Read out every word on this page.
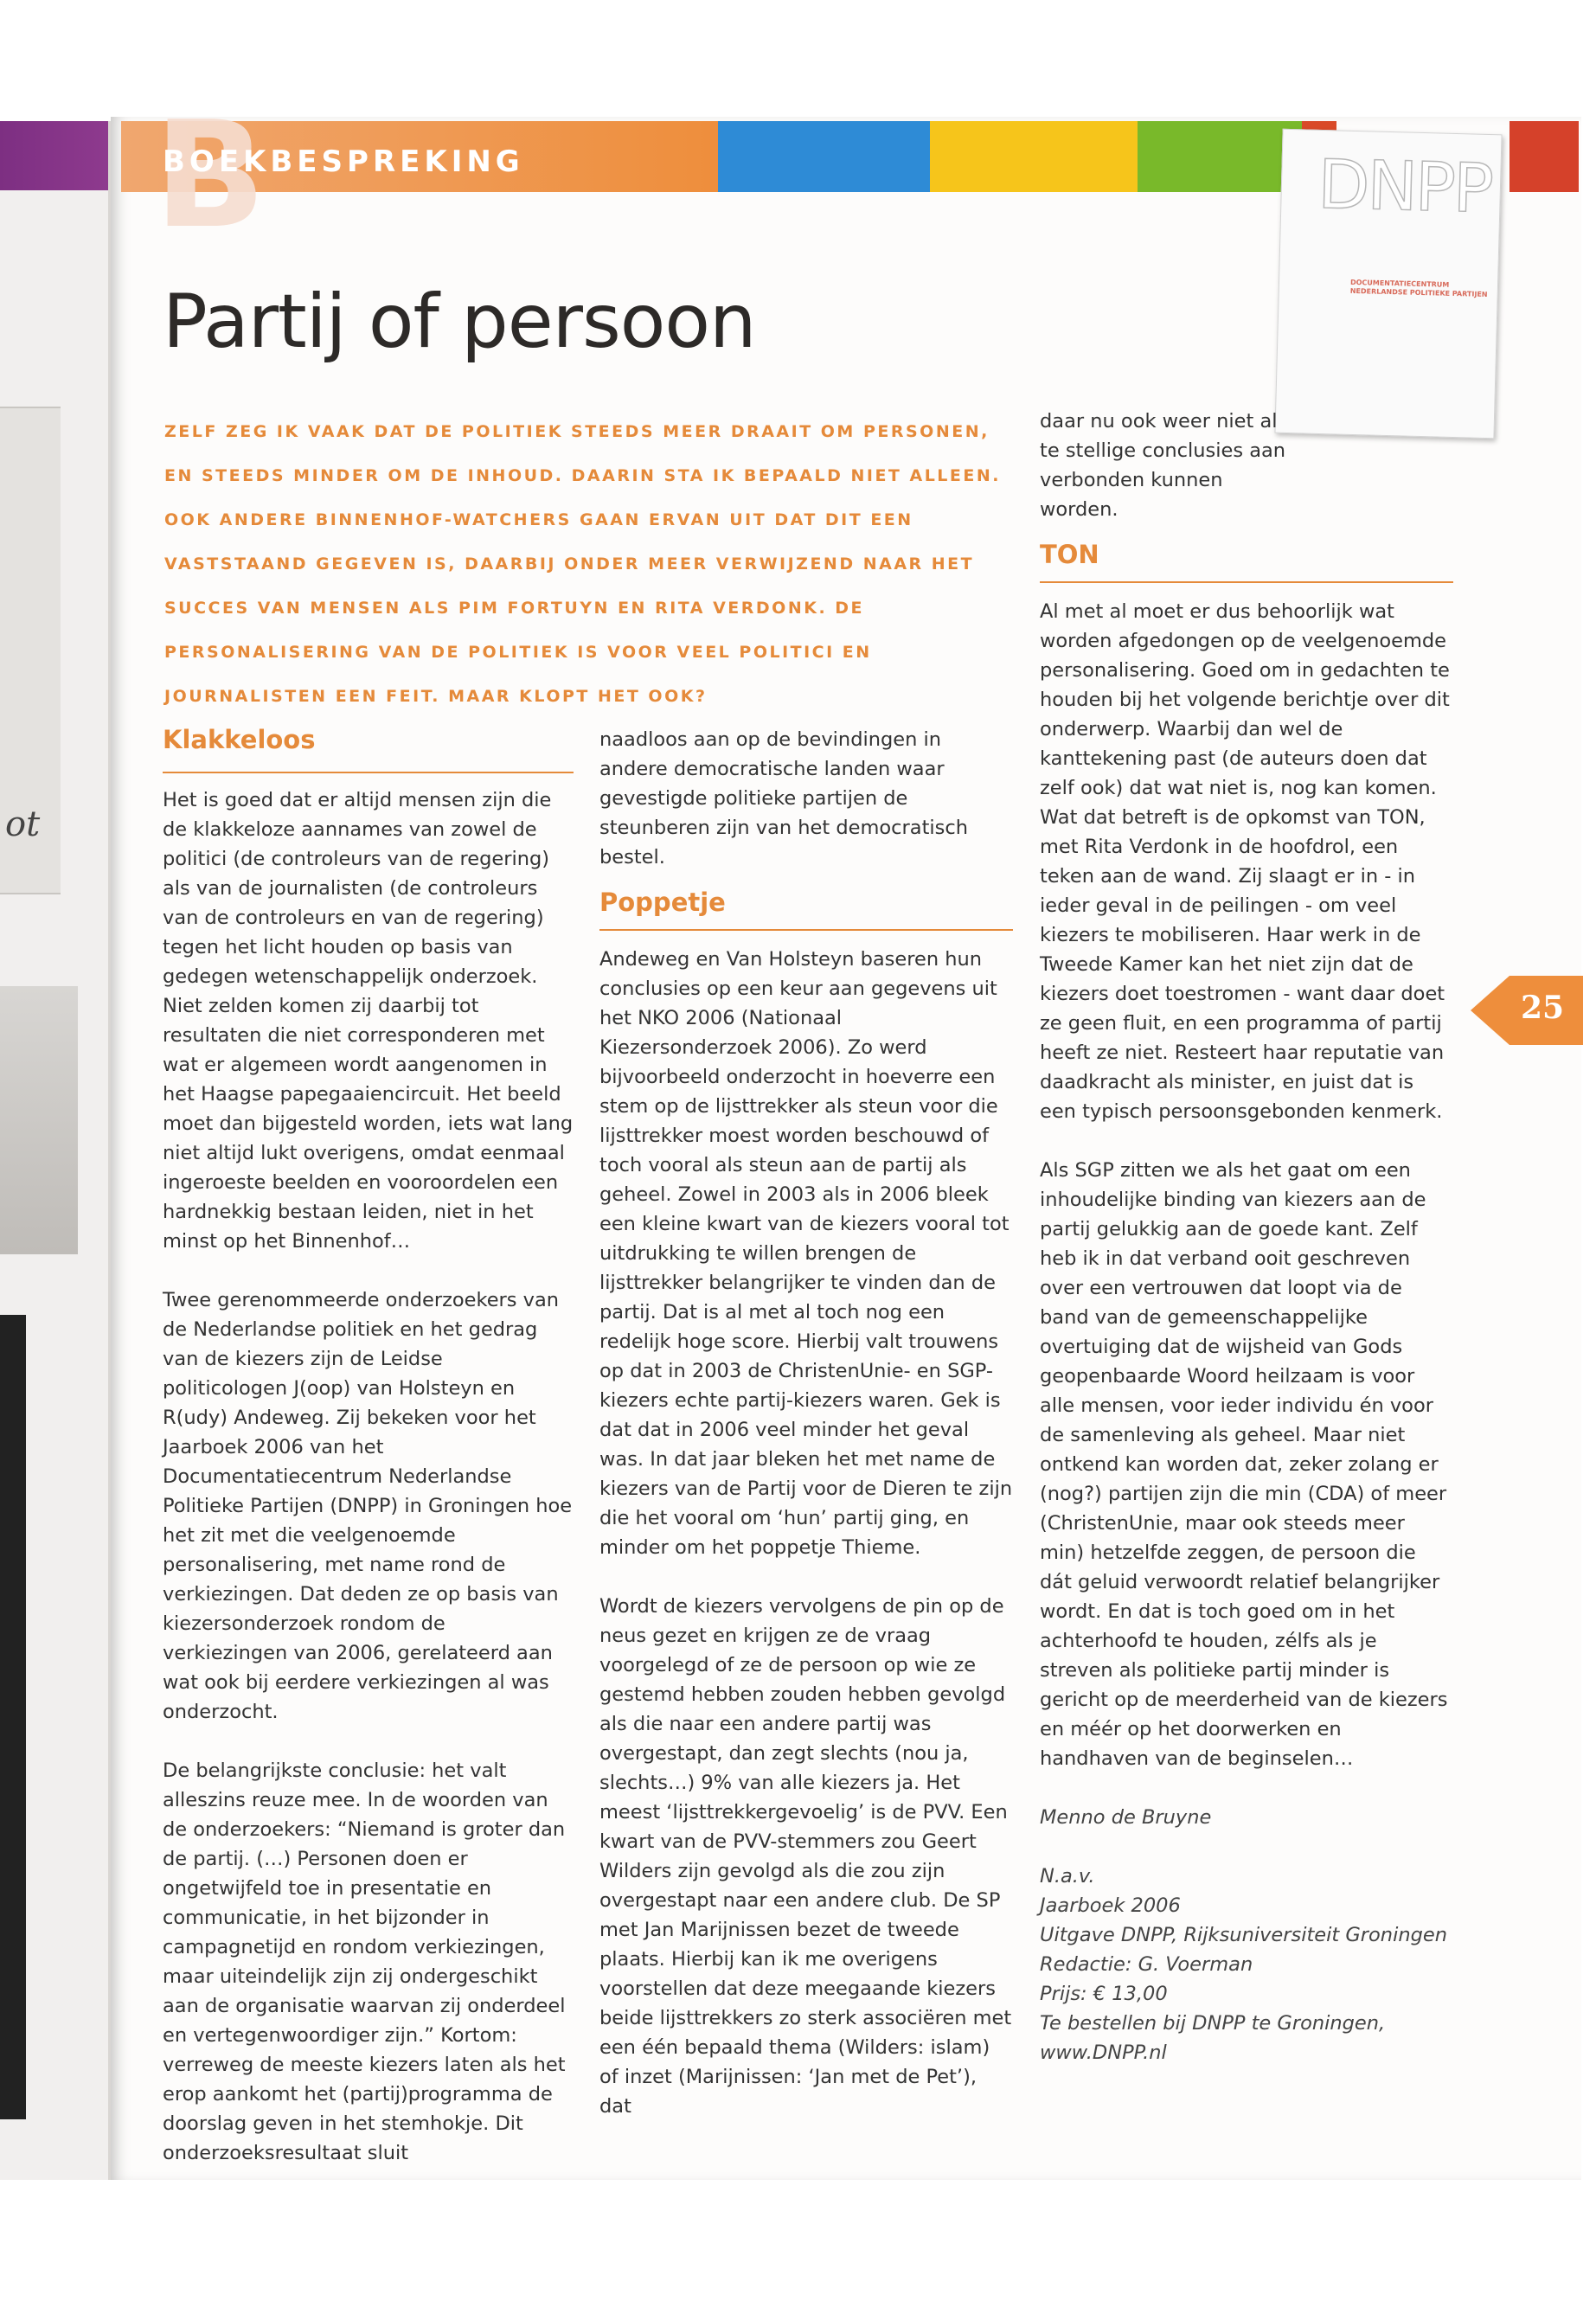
ot
B
BOEKBESPREKING	DNPP
DOCUMENTATIECENTRUM NEDERLANDSE POLITIEKE PARTIJEN
Partij of persoon
ZELF ZEG IK VAAK DAT DE POLITIEK STEEDS MEER DRAAIT OM PERSONEN, EN STEEDS MINDER OM DE INHOUD. DAARIN STA IK BEPAALD NIET ALLEEN. OOK ANDERE BINNENHOF-WATCHERS GAAN ERVAN UIT DAT DIT EEN VASTSTAAND GEGEVEN IS, DAARBIJ ONDER MEER VERWIJZEND NAAR HET SUCCES VAN MENSEN ALS PIM FORTUYN EN RITA VERDONK. DE PERSONALISERING VAN DE POLITIEK IS VOOR VEEL POLITICI EN JOURNALISTEN EEN FEIT. MAAR KLOPT HET OOK?
Klakkeloos

Het is goed dat er altijd mensen zijn die de klakkeloze aannames van zowel de politici (de controleurs van de regering) als van de journalisten (de controleurs van de controleurs en van de regering) tegen het licht houden op basis van gedegen wetenschappelijk onderzoek. Niet zelden komen zij daarbij tot resultaten die niet corresponderen met wat er algemeen wordt aangenomen in het Haagse papegaaiencircuit. Het beeld moet dan bijgesteld worden, iets wat lang niet altijd lukt overigens, omdat eenmaal ingeroeste beelden en vooroordelen een hardnekkig bestaan leiden, niet in het minst op het Binnenhof…

Twee gerenommeerde onderzoekers van de Nederlandse politiek en het gedrag van de kiezers zijn de Leidse politicologen J(oop) van Holsteyn en R(udy) Andeweg. Zij bekeken voor het Jaarboek 2006 van het Documentatiecentrum Nederlandse Politieke Partijen (DNPP) in Groningen hoe het zit met die veelgenoemde personalisering, met name rond de verkiezingen. Dat deden ze op basis van kiezersonderzoek rondom de verkiezingen van 2006, gerelateerd aan wat ook bij eerdere verkiezingen al was onderzocht.

De belangrijkste conclusie: het valt alleszins reuze mee. In de woorden van de onderzoekers: “Niemand is groter dan de partij. (…) Personen doen er ongetwijfeld toe in presentatie en communicatie, in het bijzonder in campagnetijd en rondom verkiezingen, maar uiteindelijk zijn zij ondergeschikt aan de organisatie waarvan zij onderdeel en vertegenwoordiger zijn.” Kortom: verreweg de meeste kiezers laten als het erop aankomt het (partij)programma de doorslag geven in het stemhokje. Dit onderzoeksresultaat sluit

naadloos aan op de bevindingen in andere democratische landen waar gevestigde politieke partijen de steunberen zijn van het democratisch bestel.

Poppetje

Andeweg en Van Holsteyn baseren hun conclusies op een keur aan gegevens uit het NKO 2006 (Nationaal Kiezersonderzoek 2006). Zo werd bijvoorbeeld onderzocht in hoeverre een stem op de lijsttrekker als steun voor die lijsttrekker moest worden beschouwd of toch vooral als steun aan de partij als geheel. Zowel in 2003 als in 2006 bleek een kleine kwart van de kiezers vooral tot uitdrukking te willen brengen de lijsttrekker belangrijker te vinden dan de partij. Dat is al met al toch nog een redelijk hoge score. Hierbij valt trouwens op dat in 2003 de ChristenUnie- en SGP-kiezers echte partij-kiezers waren. Gek is dat dat in 2006 veel minder het geval was. In dat jaar bleken het met name de kiezers van de Partij voor de Dieren te zijn die het vooral om ‘hun’ partij ging, en minder om het poppetje Thieme.

Wordt de kiezers vervolgens de pin op de neus gezet en krijgen ze de vraag voorgelegd of ze de persoon op wie ze gestemd hebben zouden hebben gevolgd als die naar een andere partij was overgestapt, dan zegt slechts (nou ja, slechts…) 9% van alle kiezers ja. Het meest ‘lijsttrekkergevoelig’ is de PVV. Een kwart van de PVV-stemmers zou Geert Wilders zijn gevolgd als die zou zijn overgestapt naar een andere club. De SP met Jan Marijnissen bezet de tweede plaats. Hierbij kan ik me overigens voorstellen dat deze meegaande kiezers beide lijsttrekkers zo sterk associëren met een één bepaald thema (Wilders: islam) of inzet (Marijnissen: ‘Jan met de Pet’), dat

daar nu ook weer niet al te stellige conclusies aan verbonden kunnen worden.

TON

Al met al moet er dus behoorlijk wat worden afgedongen op de veelgenoemde personalisering. Goed om in gedachten te houden bij het volgende berichtje over dit onderwerp. Waarbij dan wel de kanttekening past (de auteurs doen dat zelf ook) dat wat niet is, nog kan komen. Wat dat betreft is de opkomst van TON, met Rita Verdonk in de hoofdrol, een teken aan de wand. Zij slaagt er in - in ieder geval in de peilingen - om veel kiezers te mobiliseren. Haar werk in de Tweede Kamer kan het niet zijn dat de kiezers doet toestromen - want daar doet ze geen fluit, en een programma of partij heeft ze niet. Resteert haar reputatie van daadkracht als minister, en juist dat is een typisch persoonsgebonden kenmerk.

Als SGP zitten we als het gaat om een inhoudelijke binding van kiezers aan de partij gelukkig aan de goede kant. Zelf heb ik in dat verband ooit geschreven over een vertrouwen dat loopt via de band van de gemeenschappelijke overtuiging dat de wijsheid van Gods geopenbaarde Woord heilzaam is voor alle mensen, voor ieder individu én voor de samenleving als geheel. Maar niet ontkend kan worden dat, zeker zolang er (nog?) partijen zijn die min (CDA) of meer (ChristenUnie, maar ook steeds meer min) hetzelfde zeggen, de persoon die dát geluid verwoordt relatief belangrijker wordt. En dat is toch goed om in het achterhoofd te houden, zélfs als je streven als politieke partij minder is gericht op de meerderheid van de kiezers en méér op het doorwerken en handhaven van de beginselen…

Menno de Bruyne

N.a.v.

Jaarboek 2006

Uitgave DNPP, Rijksuniversiteit Groningen

Redactie: G. Voerman

Prijs: € 13,00

Te bestellen bij DNPP te Groningen,

www.DNPP.nl

25
